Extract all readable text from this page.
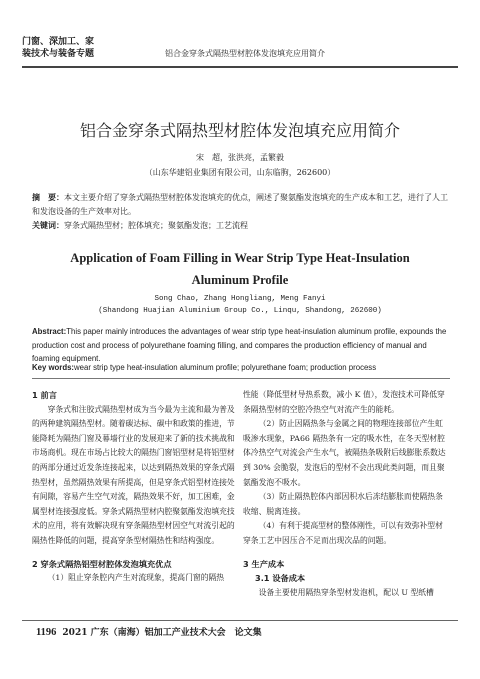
门窗、深加工、家
装技术与装备专题	铝合金穿条式隔热型材腔体发泡填充应用简介
铝合金穿条式隔热型材腔体发泡填充应用简介
宋　超，张洪亮，孟繁毅
（山东华建铝业集团有限公司，山东临朐，262600）
摘　要：本文主要介绍了穿条式隔热型材腔体发泡填充的优点，阐述了聚氨酯发泡填充的生产成本和工艺，进行了人工和发泡设备的生产效率对比。
关键词：穿条式隔热型材；腔体填充；聚氨酯发泡；工艺流程
Application of Foam Filling in Wear Strip Type Heat-Insulation
Aluminum Profile
Song Chao, Zhang Hongliang, Meng Fanyi
(Shandong Huajian Aluminium Group Co., Linqu, Shandong, 262600)
Abstract:This paper mainly introduces the advantages of wear strip type heat-insulation aluminum profile, expounds the production cost and process of polyurethane foaming filling, and compares the production efficiency of manual and foaming equipment.
Key words:wear strip type heat-insulation aluminum profile; polyurethane foam; production process

1 前言

穿条式和注胶式隔热型材成为当今最为主流和最为普及的两种建筑隔热型材。随着碳达标、碳中和政策的推进，节能降耗为隔热门窗及幕墙行业的发展迎来了新的技术挑战和市场商机。现在市场占比较大的隔热门窗铝型材是将铝型材的两部分通过近发条连接起来，以达到隔热效果的穿条式隔热型材，虽然隔热效果有所提高，但是穿条式铝型材连接处有间隙，容易产生空气对流，隔热效果不好，加工困难，金属型材连接强度低。穿条式隔热型材内腔聚氨酯发泡填充技术的应用，将有效解决现有穿条隔热型材因空气对流引起的隔热性降低的问题，提高穿条型材隔热性和结构强度。

2 穿条式隔热铝型材腔体发泡填充优点

（1）阻止穿条腔内产生对流现象，提高门窗的隔热

性能（降低型材导热系数，减小 K 值），发泡技术可降低穿条隔热型材的空腔冷热空气对流产生的能耗。

（2）防止因隔热条与金属之间的物理连接部位产生虹吸渗水现象，PA66 隔热条有一定的吸水性，在冬天型材腔体冷热空气对流会产生水气，被隔热条吸附后线膨胀系数达到 30% 会脆裂，发泡后的型材不会出现此类问题，而且聚氨酯发泡不吸水。

（3）防止隔热腔体内部因积水后冻结膨胀而使隔热条收缩、脱离连接。

（4）有利于提高型材的整体刚性，可以有效弥补型材穿条工艺中因压合不足而出现次品的问题。

3 生产成本

3.1 设备成本

设备主要使用隔热穿条型材发泡机，配以 U 型纸槽

1196 2021 广东（南海）铝加工产业技术大会　论文集
